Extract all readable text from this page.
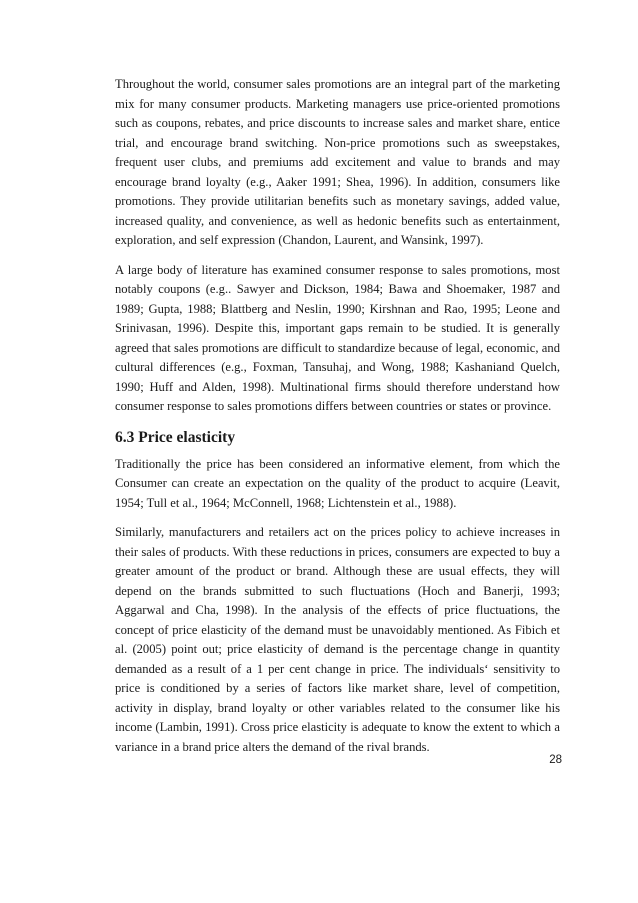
Throughout the world, consumer sales promotions are an integral part of the marketing mix for many consumer products. Marketing managers use price-oriented promotions such as coupons, rebates, and price discounts to increase sales and market share, entice trial, and encourage brand switching. Non-price promotions such as sweepstakes, frequent user clubs, and premiums add excitement and value to brands and may encourage brand loyalty (e.g., Aaker 1991; Shea, 1996). In addition, consumers like promotions. They provide utilitarian benefits such as monetary savings, added value, increased quality, and convenience, as well as hedonic benefits such as entertainment, exploration, and self expression (Chandon, Laurent, and Wansink, 1997).

A large body of literature has examined consumer response to sales promotions, most notably coupons (e.g.. Sawyer and Dickson, 1984; Bawa and Shoemaker, 1987 and 1989; Gupta, 1988; Blattberg and Neslin, 1990; Kirshnan and Rao, 1995; Leone and Srinivasan, 1996). Despite this, important gaps remain to be studied. It is generally agreed that sales promotions are difficult to standardize because of legal, economic, and cultural differences (e.g., Foxman, Tansuhaj, and Wong, 1988; Kashaniand Quelch, 1990; Huff and Alden, 1998). Multinational firms should therefore understand how consumer response to sales promotions differs between countries or states or province.

6.3 Price elasticity

Traditionally the price has been considered an informative element, from which the Consumer can create an expectation on the quality of the product to acquire (Leavit, 1954; Tull et al., 1964; McConnell, 1968; Lichtenstein et al., 1988).

Similarly, manufacturers and retailers act on the prices policy to achieve increases in their sales of products. With these reductions in prices, consumers are expected to buy a greater amount of the product or brand. Although these are usual effects, they will depend on the brands submitted to such fluctuations (Hoch and Banerji, 1993; Aggarwal and Cha, 1998). In the analysis of the effects of price fluctuations, the concept of price elasticity of the demand must be unavoidably mentioned. As Fibich et al. (2005) point out; price elasticity of demand is the percentage change in quantity demanded as a result of a 1 per cent change in price. The individuals‘ sensitivity to price is conditioned by a series of factors like market share, level of competition, activity in display, brand loyalty or other variables related to the consumer like his income (Lambin, 1991). Cross price elasticity is adequate to know the extent to which a variance in a brand price alters the demand of the rival brands.

28
